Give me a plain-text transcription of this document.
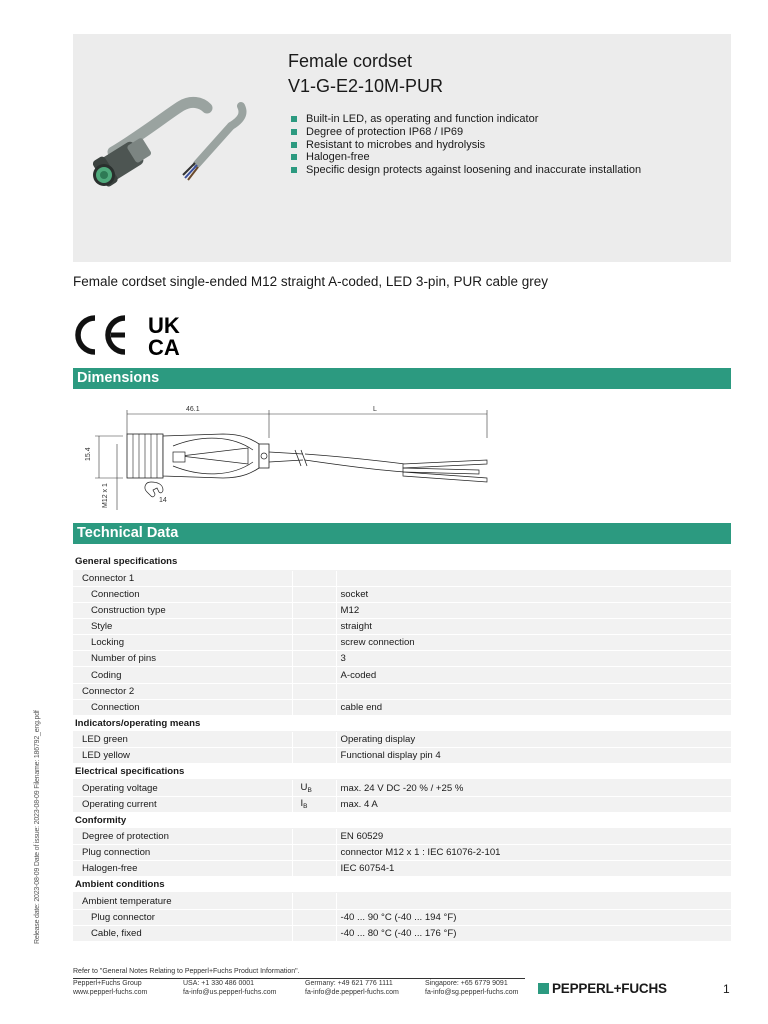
Female cordset
V1-G-E2-10M-PUR
Built-in LED, as operating and function indicator
Degree of protection IP68 / IP69
Resistant to microbes and hydrolysis
Halogen-free
Specific design protects against loosening and inaccurate installation
Female cordset single-ended M12 straight A-coded, LED 3-pin, PUR cable grey
UK
CA
Dimensions
46.1	L
15.4
M12 x 1	14
Technical Data
General specifications		
Connector 1		
Connection		socket
Construction type		M12
Style		straight
Locking		screw connection
Number of pins		3
Coding		A-coded
Connector 2		
Connection		cable end
Indicators/operating means		
LED green		Operating display
LED yellow		Functional display pin 4
Electrical specifications		
Operating voltage	$U_B$	max. 24 V DC -20 % / +25 %
Operating current	$I_B$	max. 4 A
Conformity		
Degree of protection		EN 60529
Plug connection		connector M12 x 1 : IEC 61076-2-101
Halogen-free		IEC 60754-1
Ambient conditions		
Ambient temperature		
Plug connector		-40 ... 90 °C (-40 ... 194 °F)
Cable, fixed		-40 ... 80 °C (-40 ... 176 °F)
Release date: 2023-08-09 Date of issue: 2023-08-09 Filename: 186792_eng.pdf
Refer to "General Notes Relating to Pepperl+Fuchs Product Information".
Pepperl+Fuchs Group
www.pepperl-fuchs.com
USA: +1 330 486 0001
fa-info@us.pepperl-fuchs.com
Germany: +49 621 776 1111
fa-info@de.pepperl-fuchs.com
Singapore: +65 6779 9091
fa-info@sg.pepperl-fuchs.com PEPPERL+FUCHS	1
